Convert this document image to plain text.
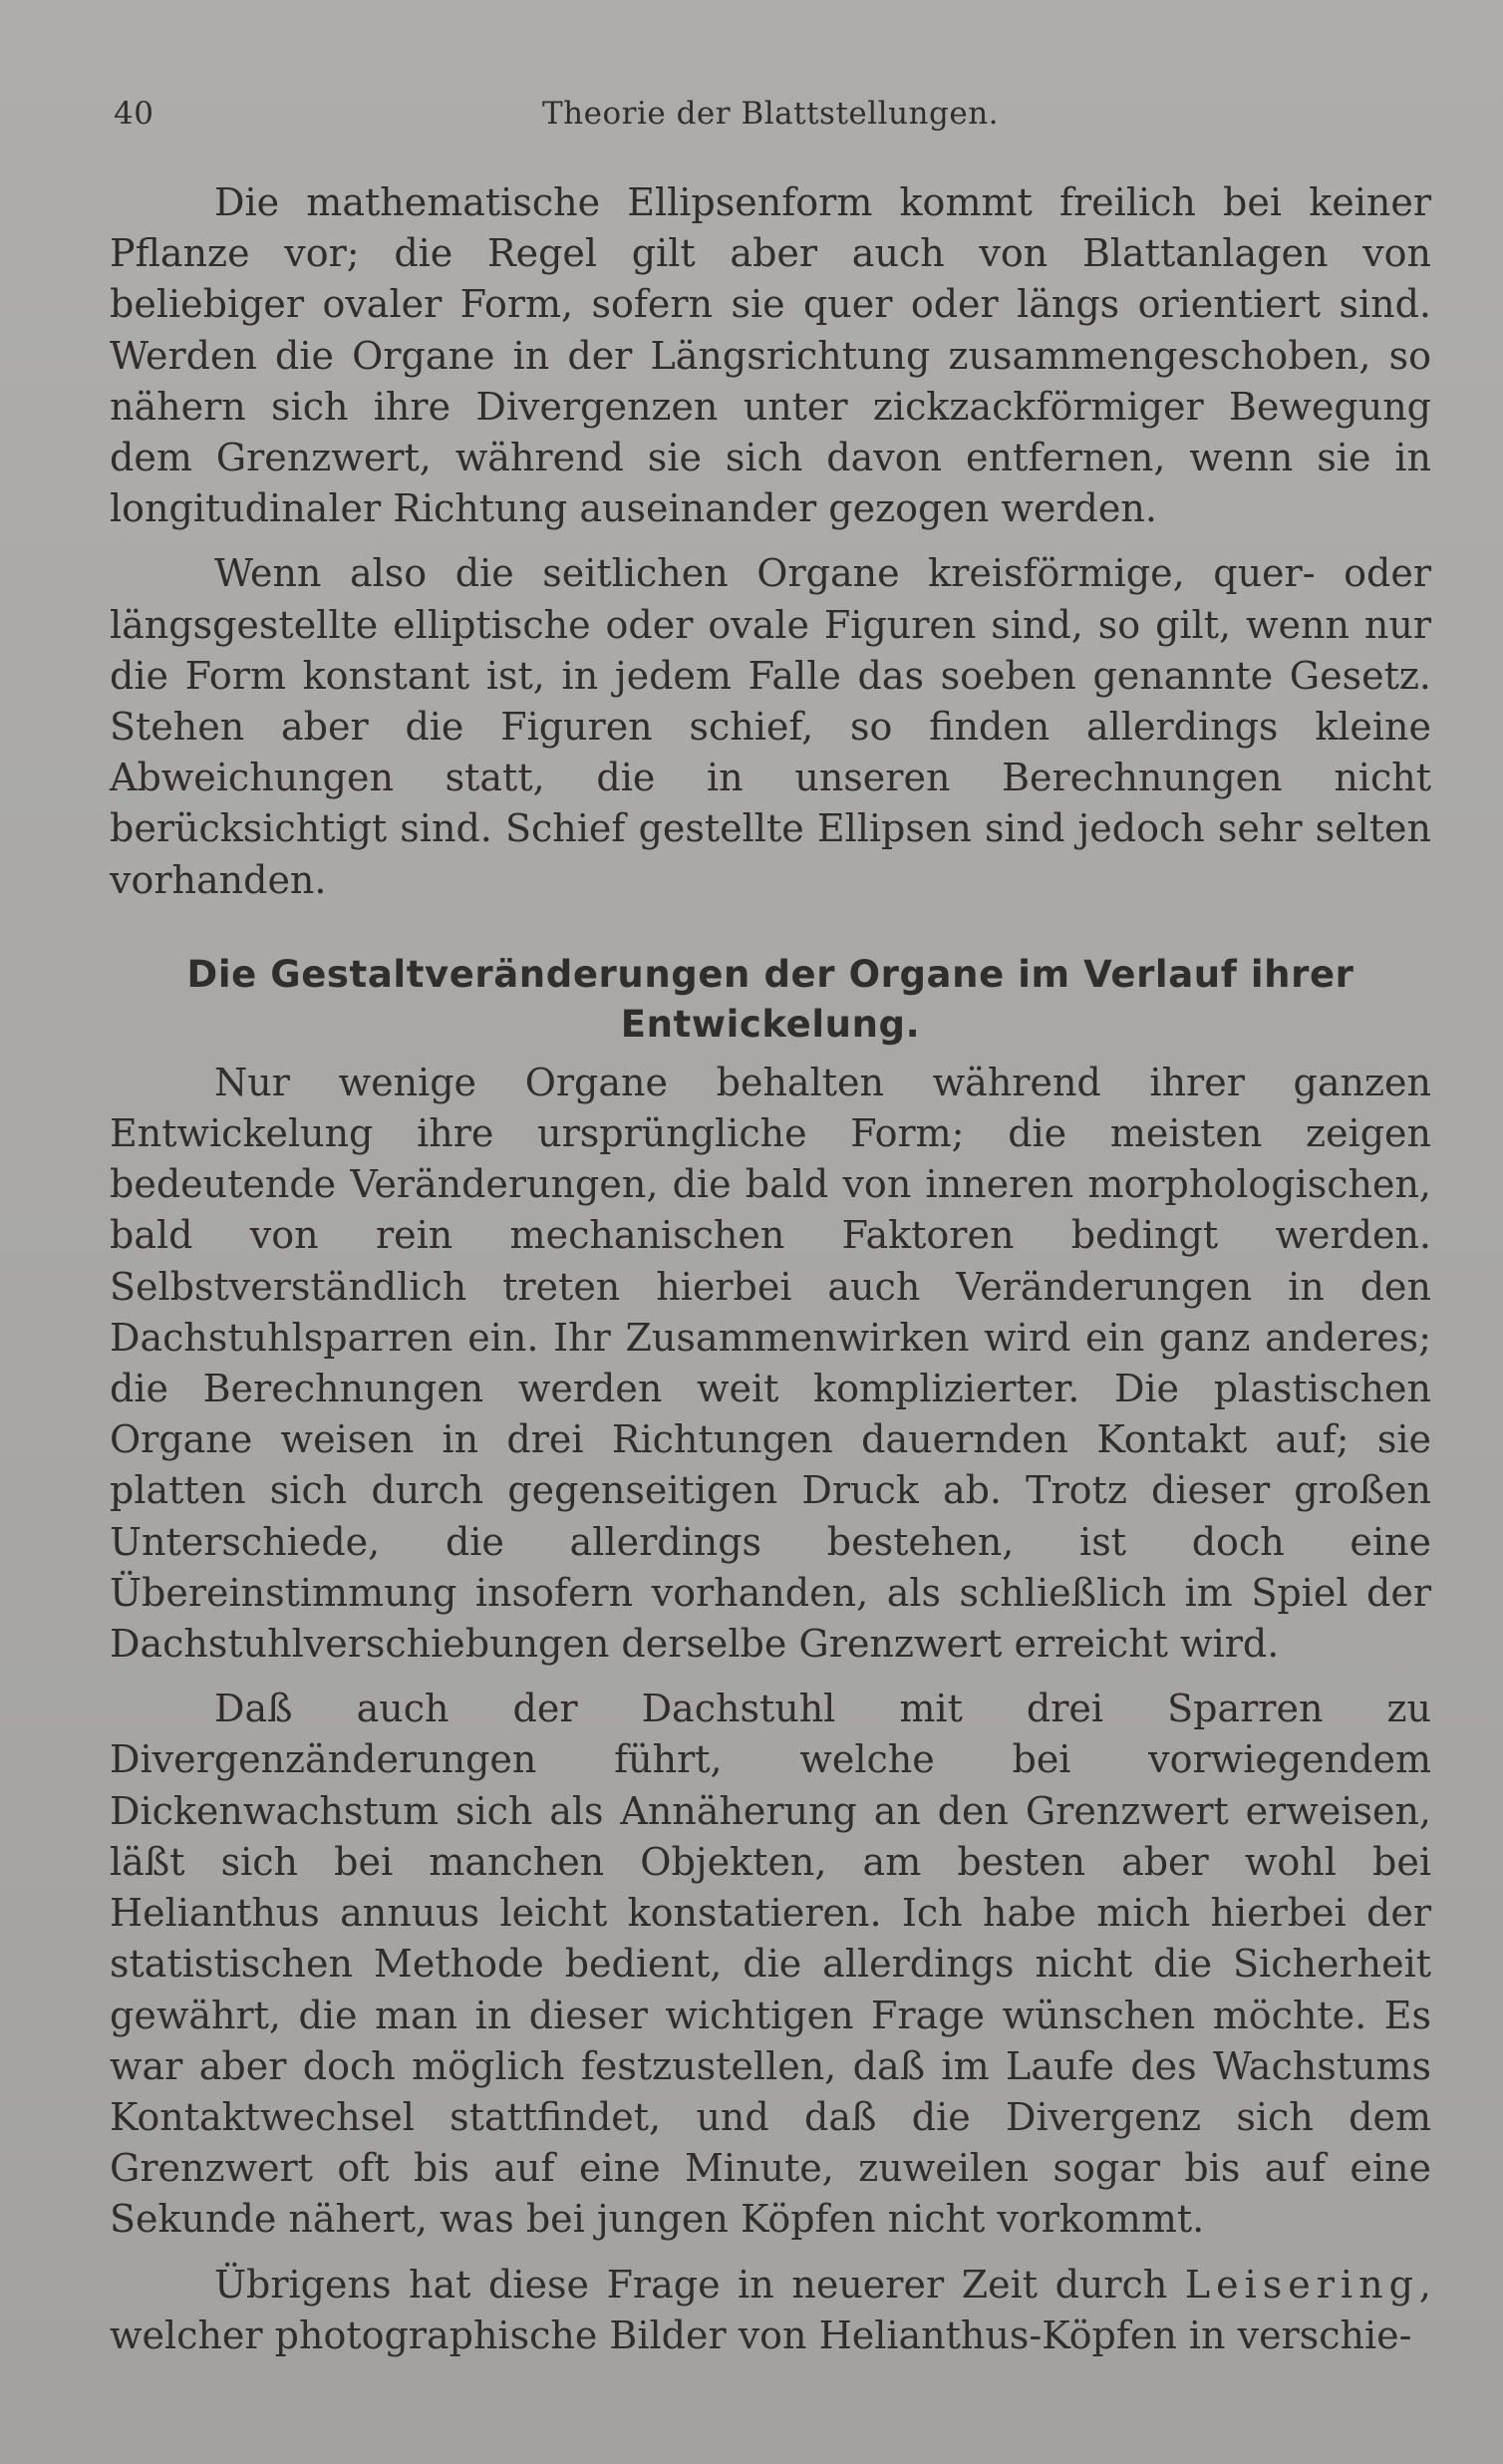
40	Theorie der Blattstellungen.

Die mathematische Ellipsenform kommt freilich bei keiner Pflanze vor; die Regel gilt aber auch von Blattanlagen von beliebiger ovaler Form, sofern sie quer oder längs orientiert sind. Werden die Organe in der Längsrichtung zusammengeschoben, so nähern sich ihre Divergenzen unter zickzackförmiger Bewegung dem Grenzwert, während sie sich davon entfernen, wenn sie in longitudinaler Richtung auseinander gezogen werden.

Wenn also die seitlichen Organe kreisförmige, quer- oder längsgestellte elliptische oder ovale Figuren sind, so gilt, wenn nur die Form konstant ist, in jedem Falle das soeben genannte Gesetz. Stehen aber die Figuren schief, so finden allerdings kleine Abweichungen statt, die in unseren Berechnungen nicht berücksichtigt sind. Schief gestellte Ellipsen sind jedoch sehr selten vorhanden.

Die Gestaltveränderungen der Organe im Verlauf ihrer Entwickelung.

Nur wenige Organe behalten während ihrer ganzen Entwickelung ihre ursprüngliche Form; die meisten zeigen bedeutende Veränderungen, die bald von inneren morphologischen, bald von rein mechanischen Faktoren bedingt werden. Selbstverständlich treten hierbei auch Veränderungen in den Dachstuhlsparren ein. Ihr Zusammenwirken wird ein ganz anderes; die Berechnungen werden weit komplizierter. Die plastischen Organe weisen in drei Richtungen dauernden Kontakt auf; sie platten sich durch gegenseitigen Druck ab. Trotz dieser großen Unterschiede, die allerdings bestehen, ist doch eine Übereinstimmung insofern vorhanden, als schließlich im Spiel der Dachstuhlverschiebungen derselbe Grenzwert erreicht wird.

Daß auch der Dachstuhl mit drei Sparren zu Divergenzänderungen führt, welche bei vorwiegendem Dickenwachstum sich als Annäherung an den Grenzwert erweisen, läßt sich bei manchen Objekten, am besten aber wohl bei Helianthus annuus leicht konstatieren. Ich habe mich hierbei der statistischen Methode bedient, die allerdings nicht die Sicherheit gewährt, die man in dieser wichtigen Frage wünschen möchte. Es war aber doch möglich festzustellen, daß im Laufe des Wachstums Kontaktwechsel stattfindet, und daß die Divergenz sich dem Grenzwert oft bis auf eine Minute, zuweilen sogar bis auf eine Sekunde nähert, was bei jungen Köpfen nicht vorkommt.

Übrigens hat diese Frage in neuerer Zeit durch Leisering, welcher photographische Bilder von Helianthus-Köpfen in verschie-
